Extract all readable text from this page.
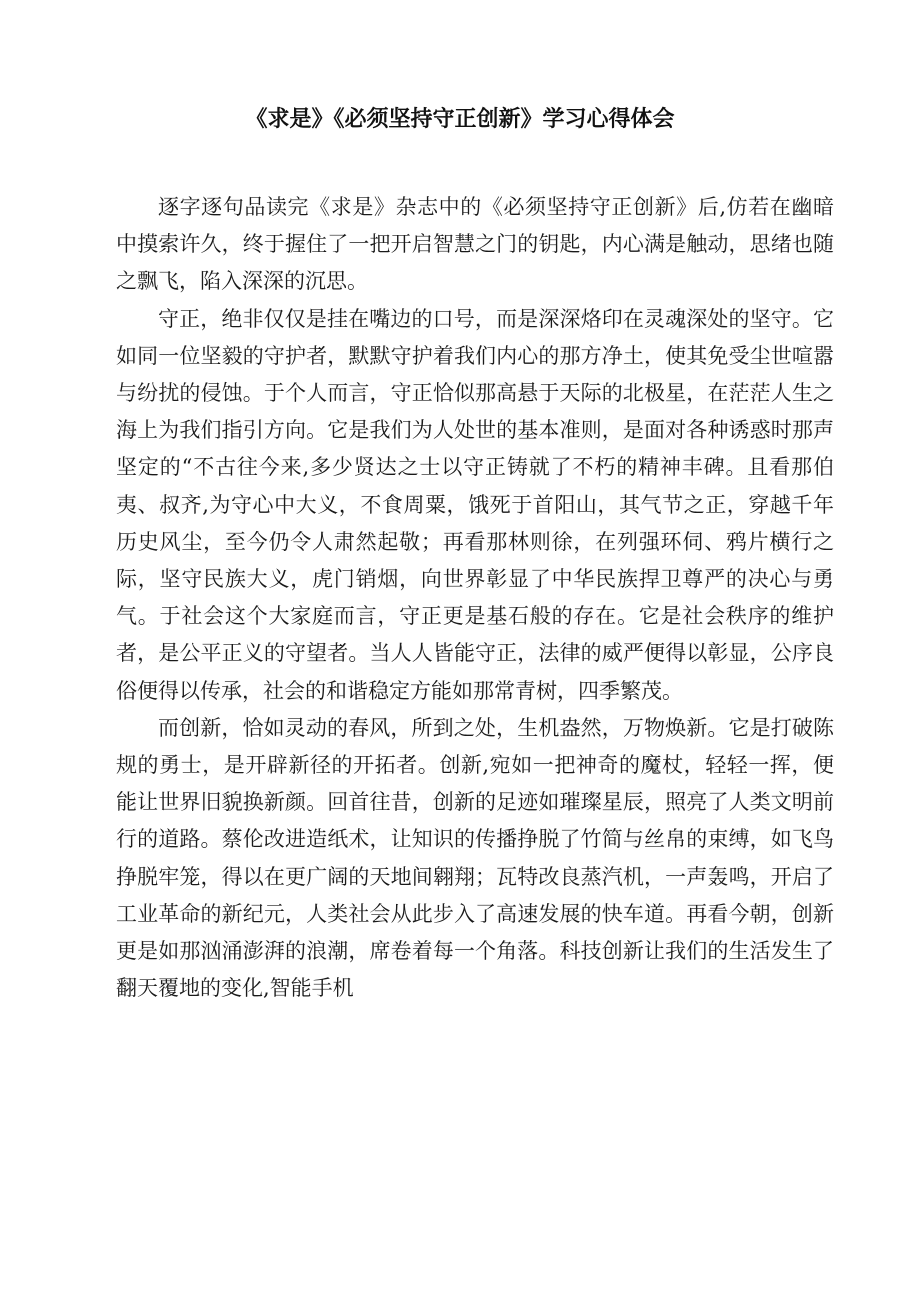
《求是》《必须坚持守正创新》学习心得体会

逐字逐句品读完《求是》杂志中的《必须坚持守正创新》后,仿若在幽暗中摸索许久，终于握住了一把开启智慧之门的钥匙，内心满是触动，思绪也随之飘飞，陷入深深的沉思。

守正，绝非仅仅是挂在嘴边的口号，而是深深烙印在灵魂深处的坚守。它如同一位坚毅的守护者，默默守护着我们内心的那方净土，使其免受尘世喧嚣与纷扰的侵蚀。于个人而言，守正恰似那高悬于天际的北极星，在茫茫人生之海上为我们指引方向。它是我们为人处世的基本准则，是面对各种诱惑时那声坚定的“不古往今来,多少贤达之士以守正铸就了不朽的精神丰碑。且看那伯夷、叔齐,为守心中大义，不食周粟，饿死于首阳山，其气节之正，穿越千年历史风尘，至今仍令人肃然起敬；再看那林则徐，在列强环伺、鸦片横行之际，坚守民族大义，虎门销烟，向世界彰显了中华民族捍卫尊严的决心与勇气。于社会这个大家庭而言，守正更是基石般的存在。它是社会秩序的维护者，是公平正义的守望者。当人人皆能守正，法律的威严便得以彰显，公序良俗便得以传承，社会的和谐稳定方能如那常青树，四季繁茂。

而创新，恰如灵动的春风，所到之处，生机盎然，万物焕新。它是打破陈规的勇士，是开辟新径的开拓者。创新,宛如一把神奇的魔杖，轻轻一挥，便能让世界旧貌换新颜。回首往昔，创新的足迹如璀璨星辰，照亮了人类文明前行的道路。蔡伦改进造纸术，让知识的传播挣脱了竹简与丝帛的束缚，如飞鸟挣脱牢笼，得以在更广阔的天地间翱翔；瓦特改良蒸汽机，一声轰鸣，开启了工业革命的新纪元，人类社会从此步入了高速发展的快车道。再看今朝，创新更是如那汹涌澎湃的浪潮，席卷着每一个角落。科技创新让我们的生活发生了翻天覆地的变化,智能手机
